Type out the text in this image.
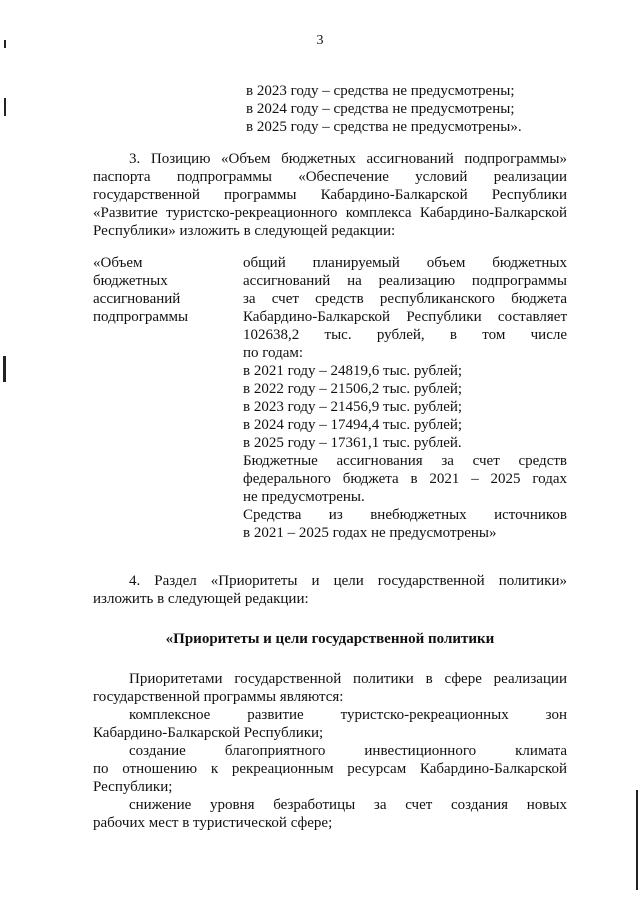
3
в 2023 году – средства не предусмотрены;
в 2024 году – средства не предусмотрены;
в 2025 году – средства не предусмотрены».
3. Позицию «Объем бюджетных ассигнований подпрограммы»
паспорта подпрограммы «Обеспечение условий реализации
государственной программы Кабардино-Балкарской Республики
«Развитие туристско-рекреационного комплекса Кабардино-Балкарской
Республики» изложить в следующей редакции:
«Объем
бюджетных
ассигнований
подпрограммы
общий планируемый объем бюджетных
ассигнований на реализацию подпрограммы
за счет средств республиканского бюджета
Кабардино-Балкарской Республики составляет
102638,2 тыс. рублей, в том числе
по годам:
в 2021 году – 24819,6 тыс. рублей;
в 2022 году – 21506,2 тыс. рублей;
в 2023 году – 21456,9 тыс. рублей;
в 2024 году – 17494,4 тыс. рублей;
в 2025 году – 17361,1 тыс. рублей.
Бюджетные ассигнования за счет средств
федерального бюджета в 2021 – 2025 годах
не предусмотрены.
Средства из внебюджетных источников
в 2021 – 2025 годах не предусмотрены»
4. Раздел «Приоритеты и цели государственной политики»
изложить в следующей редакции:
«Приоритеты и цели государственной политики
Приоритетами государственной политики в сфере реализации
государственной программы являются:
комплексное развитие туристско-рекреационных зон
Кабардино-Балкарской Республики;
создание благоприятного инвестиционного климата
по отношению к рекреационным ресурсам Кабардино-Балкарской
Республики;
снижение уровня безработицы за счет создания новых
рабочих мест в туристической сфере;
